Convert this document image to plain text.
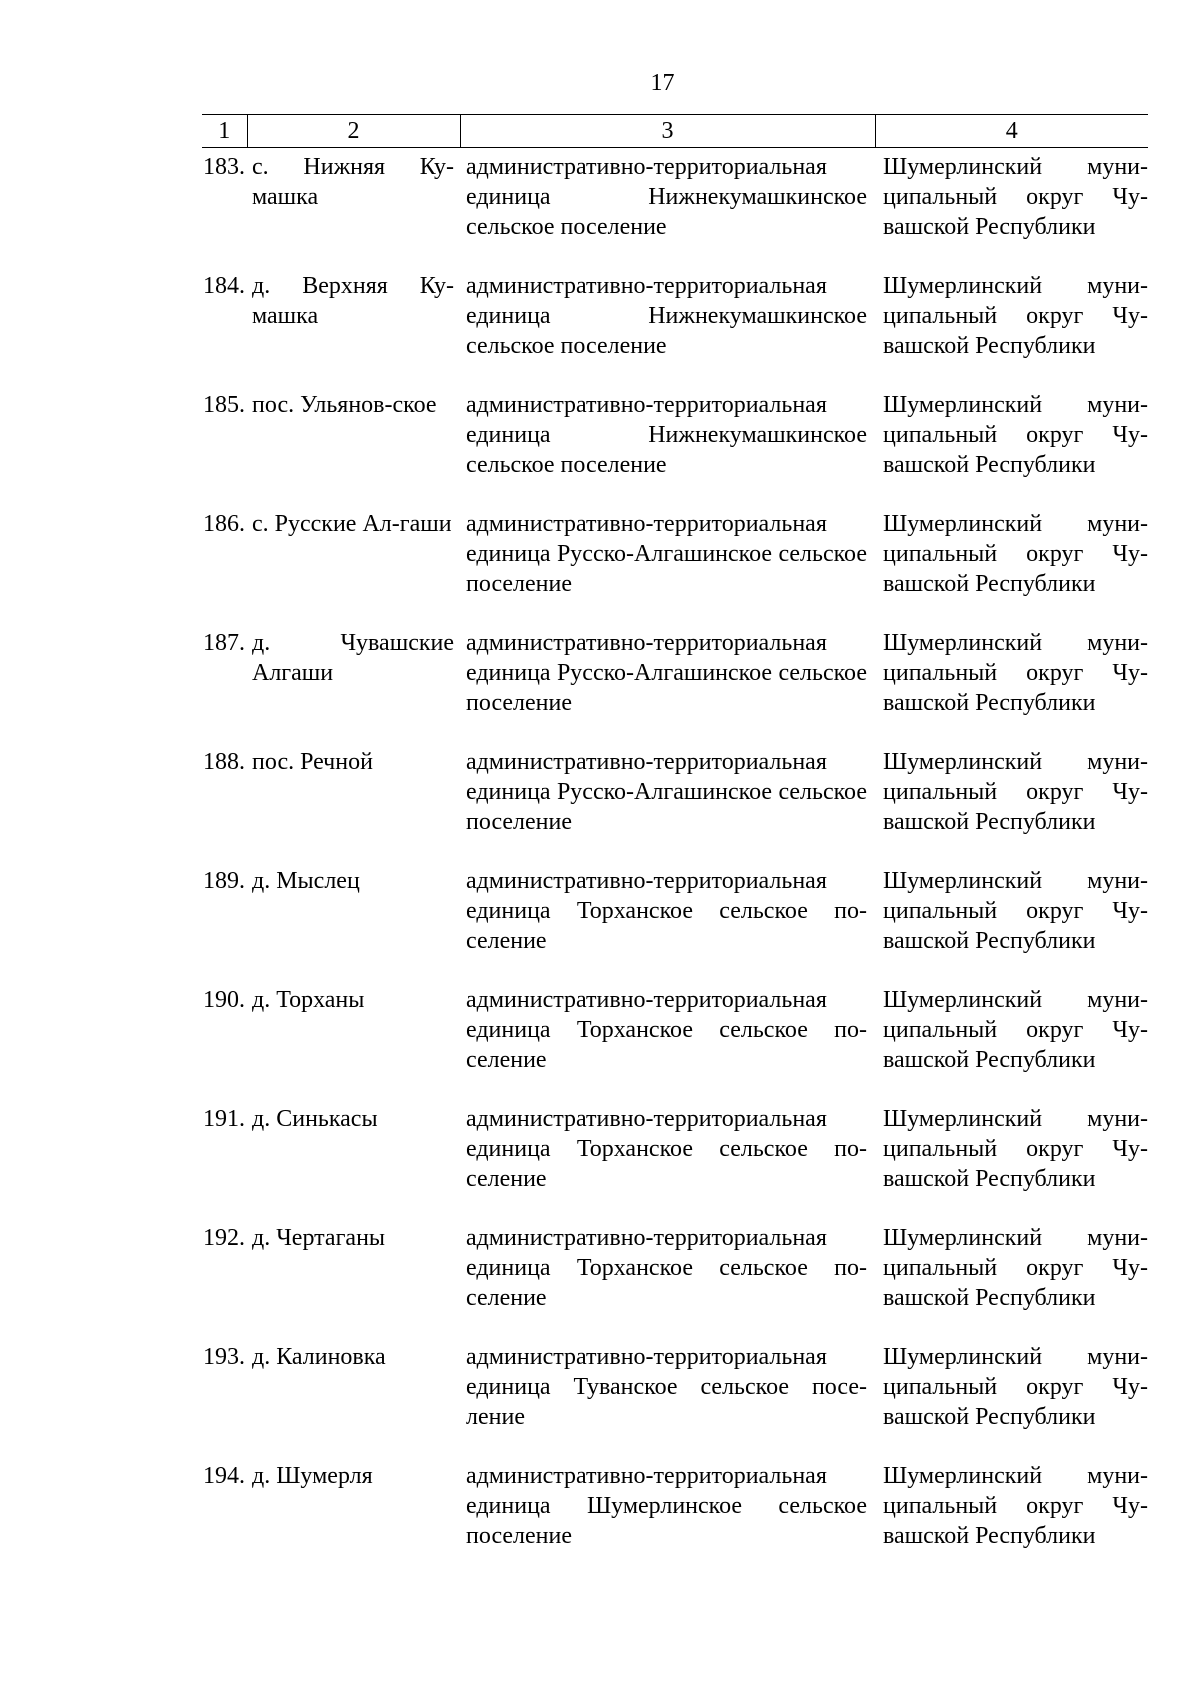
17
1	2	3	4
183.	с. Нижняя Ку-машка	административно-территориальная единица Нижнекумашкинское сельское поселение	Шумерлинский муни-ципальный округ Чу-вашской Республики
184.	д. Верхняя Ку-машка	административно-территориальная единица Нижнекумашкинское сельское поселение	Шумерлинский муни-ципальный округ Чу-вашской Республики
185.	пос. Ульянов-ское	административно-территориальная единица Нижнекумашкинское сельское поселение	Шумерлинский муни-ципальный округ Чу-вашской Республики
186.	с. Русские Ал-гаши	административно-территориальная единица Русско-Алгашинское сельское поселение	Шумерлинский муни-ципальный округ Чу-вашской Республики
187.	д. Чувашские Алгаши	административно-территориальная единица Русско-Алгашинское сельское поселение	Шумерлинский муни-ципальный округ Чу-вашской Республики
188.	пос. Речной	административно-территориальная единица Русско-Алгашинское сельское поселение	Шумерлинский муни-ципальный округ Чу-вашской Республики
189.	д. Мыслец	административно-территориальная единица Торханское сельское по-селение	Шумерлинский муни-ципальный округ Чу-вашской Республики
190.	д. Торханы	административно-территориальная единица Торханское сельское по-селение	Шумерлинский муни-ципальный округ Чу-вашской Республики
191.	д. Синькасы	административно-территориальная единица Торханское сельское по-селение	Шумерлинский муни-ципальный округ Чу-вашской Республики
192.	д. Чертаганы	административно-территориальная единица Торханское сельское по-селение	Шумерлинский муни-ципальный округ Чу-вашской Республики
193.	д. Калиновка	административно-территориальная единица Туванское сельское посе-ление	Шумерлинский муни-ципальный округ Чу-вашской Республики
194.	д. Шумерля	административно-территориальная единица Шумерлинское сельское поселение	Шумерлинский муни-ципальный округ Чу-вашской Республики
